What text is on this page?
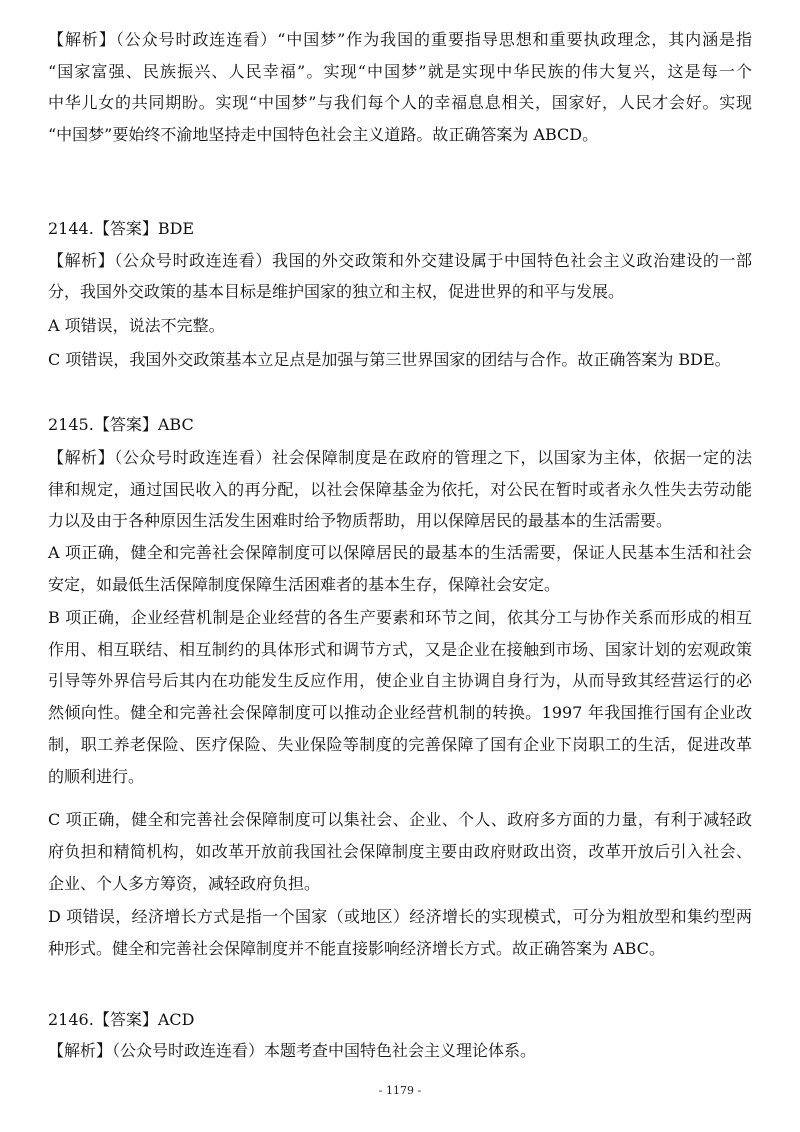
【解析】（公众号时政连连看）“中国梦”作为我国的重要指导思想和重要执政理念，其内涵是指
“国家富强、民族振兴、人民幸福”。实现“中国梦”就是实现中华民族的伟大复兴，这是每一个
中华儿女的共同期盼。实现“中国梦”与我们每个人的幸福息息相关，国家好，人民才会好。实现
“中国梦”要始终不渝地坚持走中国特色社会主义道路。故正确答案为 ABCD。
2144.【答案】BDE
【解析】（公众号时政连连看）我国的外交政策和外交建设属于中国特色社会主义政治建设的一部
分，我国外交政策的基本目标是维护国家的独立和主权，促进世界的和平与发展。
A 项错误，说法不完整。
C 项错误，我国外交政策基本立足点是加强与第三世界国家的团结与合作。故正确答案为 BDE。
2145.【答案】ABC
【解析】（公众号时政连连看）社会保障制度是在政府的管理之下，以国家为主体，依据一定的法
律和规定，通过国民收入的再分配，以社会保障基金为依托，对公民在暂时或者永久性失去劳动能
力以及由于各种原因生活发生困难时给予物质帮助，用以保障居民的最基本的生活需要。
A 项正确，健全和完善社会保障制度可以保障居民的最基本的生活需要，保证人民基本生活和社会
安定，如最低生活保障制度保障生活困难者的基本生存，保障社会安定。
B 项正确，企业经营机制是企业经营的各生产要素和环节之间，依其分工与协作关系而形成的相互
作用、相互联结、相互制约的具体形式和调节方式，又是企业在接触到市场、国家计划的宏观政策
引导等外界信号后其内在功能发生反应作用，使企业自主协调自身行为，从而导致其经营运行的必
然倾向性。健全和完善社会保障制度可以推动企业经营机制的转换。1997 年我国推行国有企业改
制，职工养老保险、医疗保险、失业保险等制度的完善保障了国有企业下岗职工的生活，促进改革
的顺利进行。
C 项正确，健全和完善社会保障制度可以集社会、企业、个人、政府多方面的力量，有利于减轻政
府负担和精简机构，如改革开放前我国社会保障制度主要由政府财政出资，改革开放后引入社会、
企业、个人多方筹资，减轻政府负担。
D 项错误，经济增长方式是指一个国家（或地区）经济增长的实现模式，可分为粗放型和集约型两
种形式。健全和完善社会保障制度并不能直接影响经济增长方式。故正确答案为 ABC。
2146.【答案】ACD
【解析】（公众号时政连连看）本题考查中国特色社会主义理论体系。
- 1179 -
